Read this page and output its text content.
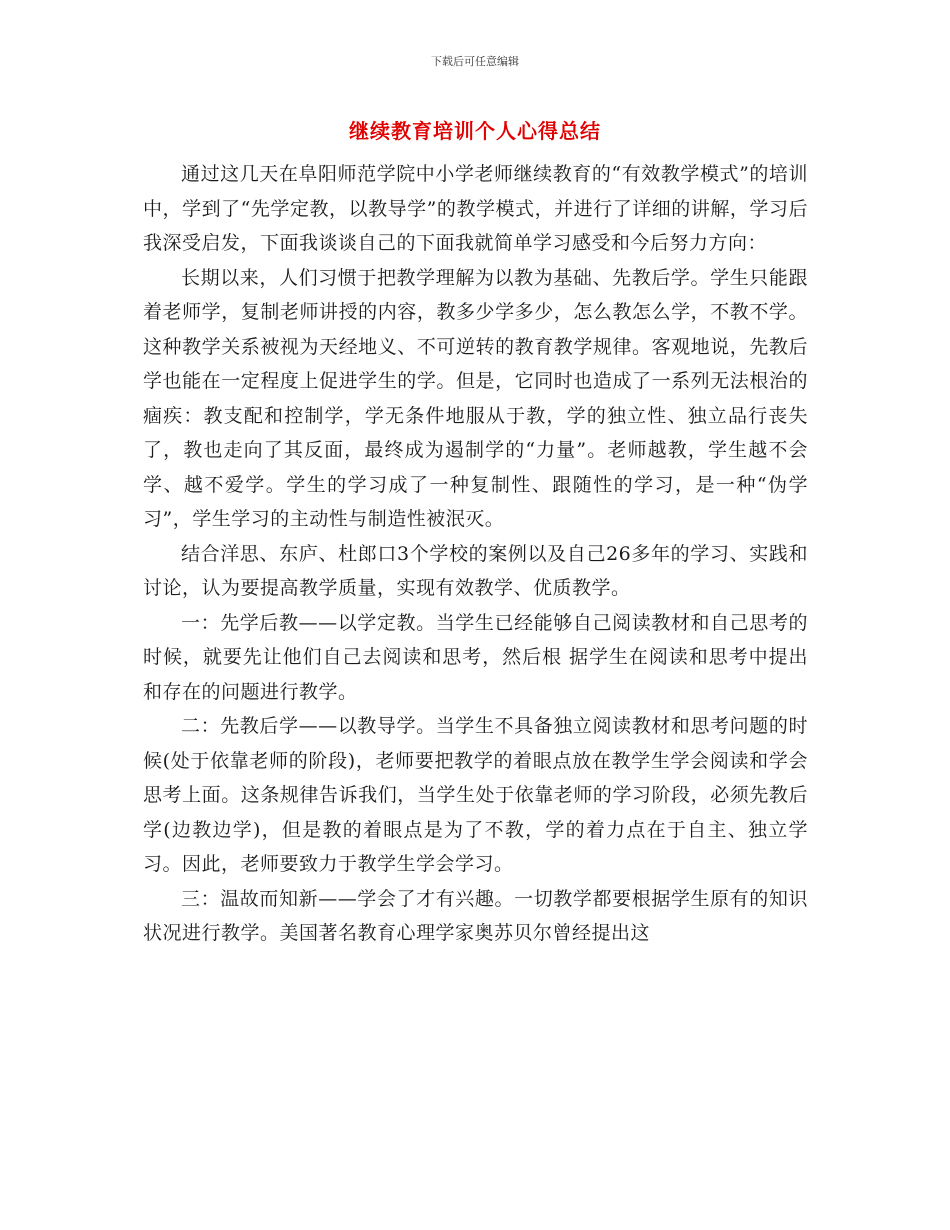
下载后可任意编辑
继续教育培训个人心得总结

通过这几天在阜阳师范学院中小学老师继续教育的“有效教学模式”的培训中，学到了“先学定教，以教导学”的教学模式，并进行了详细的讲解，学习后我深受启发，下面我谈谈自己的下面我就简单学习感受和今后努力方向：

长期以来，人们习惯于把教学理解为以教为基础、先教后学。学生只能跟着老师学，复制老师讲授的内容，教多少学多少，怎么教怎么学，不教不学。这种教学关系被视为天经地义、不可逆转的教育教学规律。客观地说，先教后学也能在一定程度上促进学生的学。但是，它同时也造成了一系列无法根治的痼疾：教支配和控制学，学无条件地服从于教，学的独立性、独立品行丧失了，教也走向了其反面，最终成为遏制学的“力量”。老师越教，学生越不会学、越不爱学。学生的学习成了一种复制性、跟随性的学习，是一种“伪学习”，学生学习的主动性与制造性被泯灭。

结合洋思、东庐、杜郎口3个学校的案例以及自己26多年的学习、实践和讨论，认为要提高教学质量，实现有效教学、优质教学。

一：先学后教——以学定教。当学生已经能够自己阅读教材和自己思考的时候，就要先让他们自己去阅读和思考，然后根 据学生在阅读和思考中提出和存在的问题进行教学。

二：先教后学——以教导学。当学生不具备独立阅读教材和思考问题的时候(处于依靠老师的阶段)，老师要把教学的着眼点放在教学生学会阅读和学会思考上面。这条规律告诉我们，当学生处于依靠老师的学习阶段，必须先教后学(边教边学)，但是教的着眼点是为了不教，学的着力点在于自主、独立学习。因此，老师要致力于教学生学会学习。

三：温故而知新——学会了才有兴趣。一切教学都要根据学生原有的知识状况进行教学。美国著名教育心理学家奥苏贝尔曾经提出这
